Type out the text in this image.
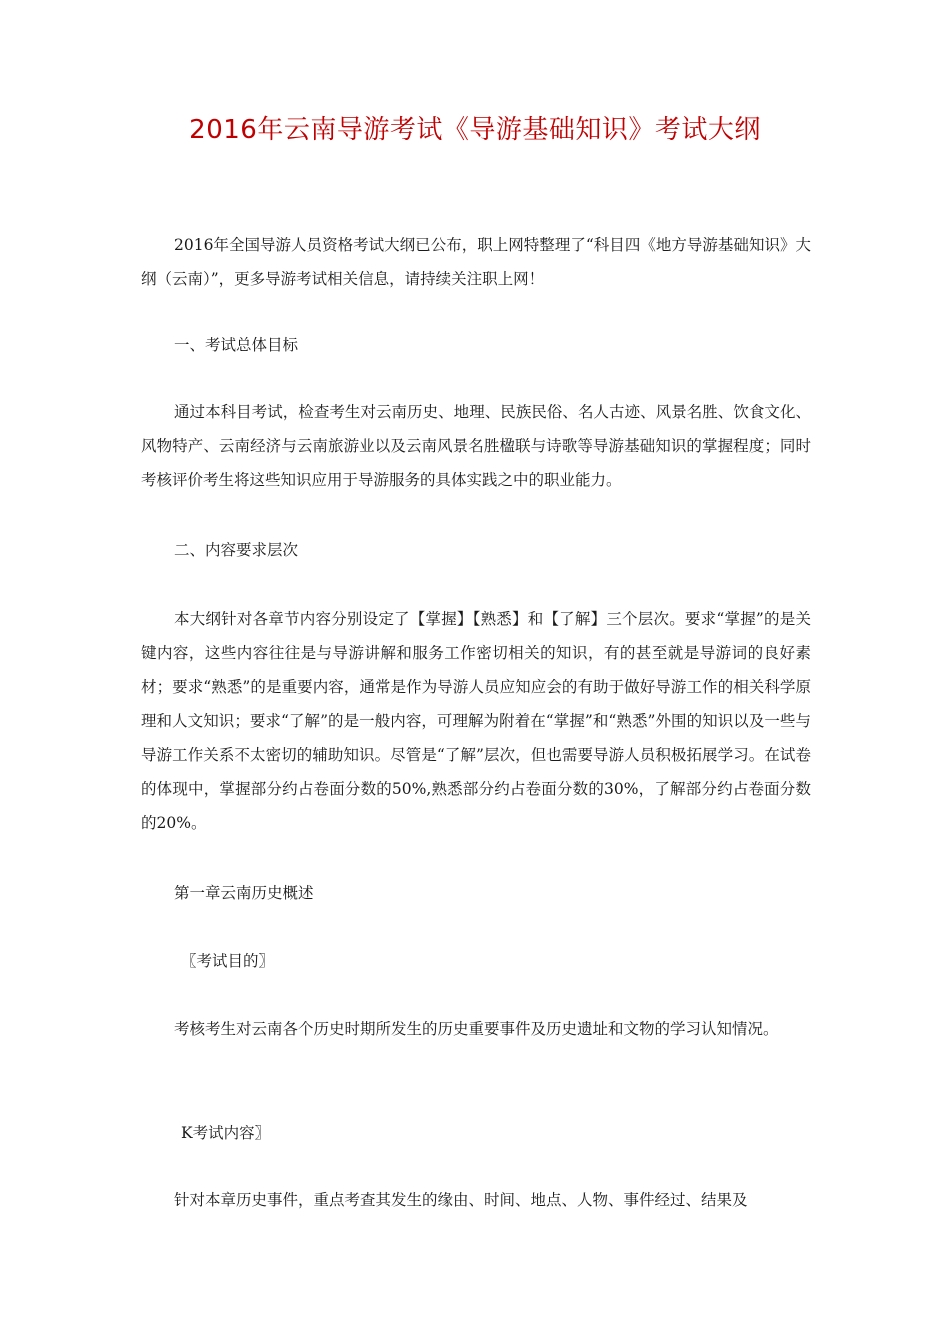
2016年云南导游考试《导游基础知识》考试大纲

2016年全国导游人员资格考试大纲已公布，职上网特整理了“科目四《地方导游基础知识》大纲（云南）”，更多导游考试相关信息，请持续关注职上网！

一、考试总体目标

通过本科目考试，检查考生对云南历史、地理、民族民俗、名人古迹、风景名胜、饮食文化、风物特产、云南经济与云南旅游业以及云南风景名胜楹联与诗歌等导游基础知识的掌握程度；同时考核评价考生将这些知识应用于导游服务的具体实践之中的职业能力。

二、内容要求层次

本大纲针对各章节内容分别设定了【掌握】【熟悉】和【了解】三个层次。要求“掌握”的是关键内容，这些内容往往是与导游讲解和服务工作密切相关的知识，有的甚至就是导游词的良好素材；要求“熟悉”的是重要内容，通常是作为导游人员应知应会的有助于做好导游工作的相关科学原理和人文知识；要求“了解”的是一般内容，可理解为附着在“掌握”和“熟悉”外围的知识以及一些与导游工作关系不太密切的辅助知识。尽管是“了解”层次，但也需要导游人员积极拓展学习。在试卷的体现中，掌握部分约占卷面分数的50%,熟悉部分约占卷面分数的30%，了解部分约占卷面分数的20%。

第一章云南历史概述

〖考试目的〗

考核考生对云南各个历史时期所发生的历史重要事件及历史遗址和文物的学习认知情况。

K考试内容〗

针对本章历史事件，重点考查其发生的缘由、时间、地点、人物、事件经过、结果及
